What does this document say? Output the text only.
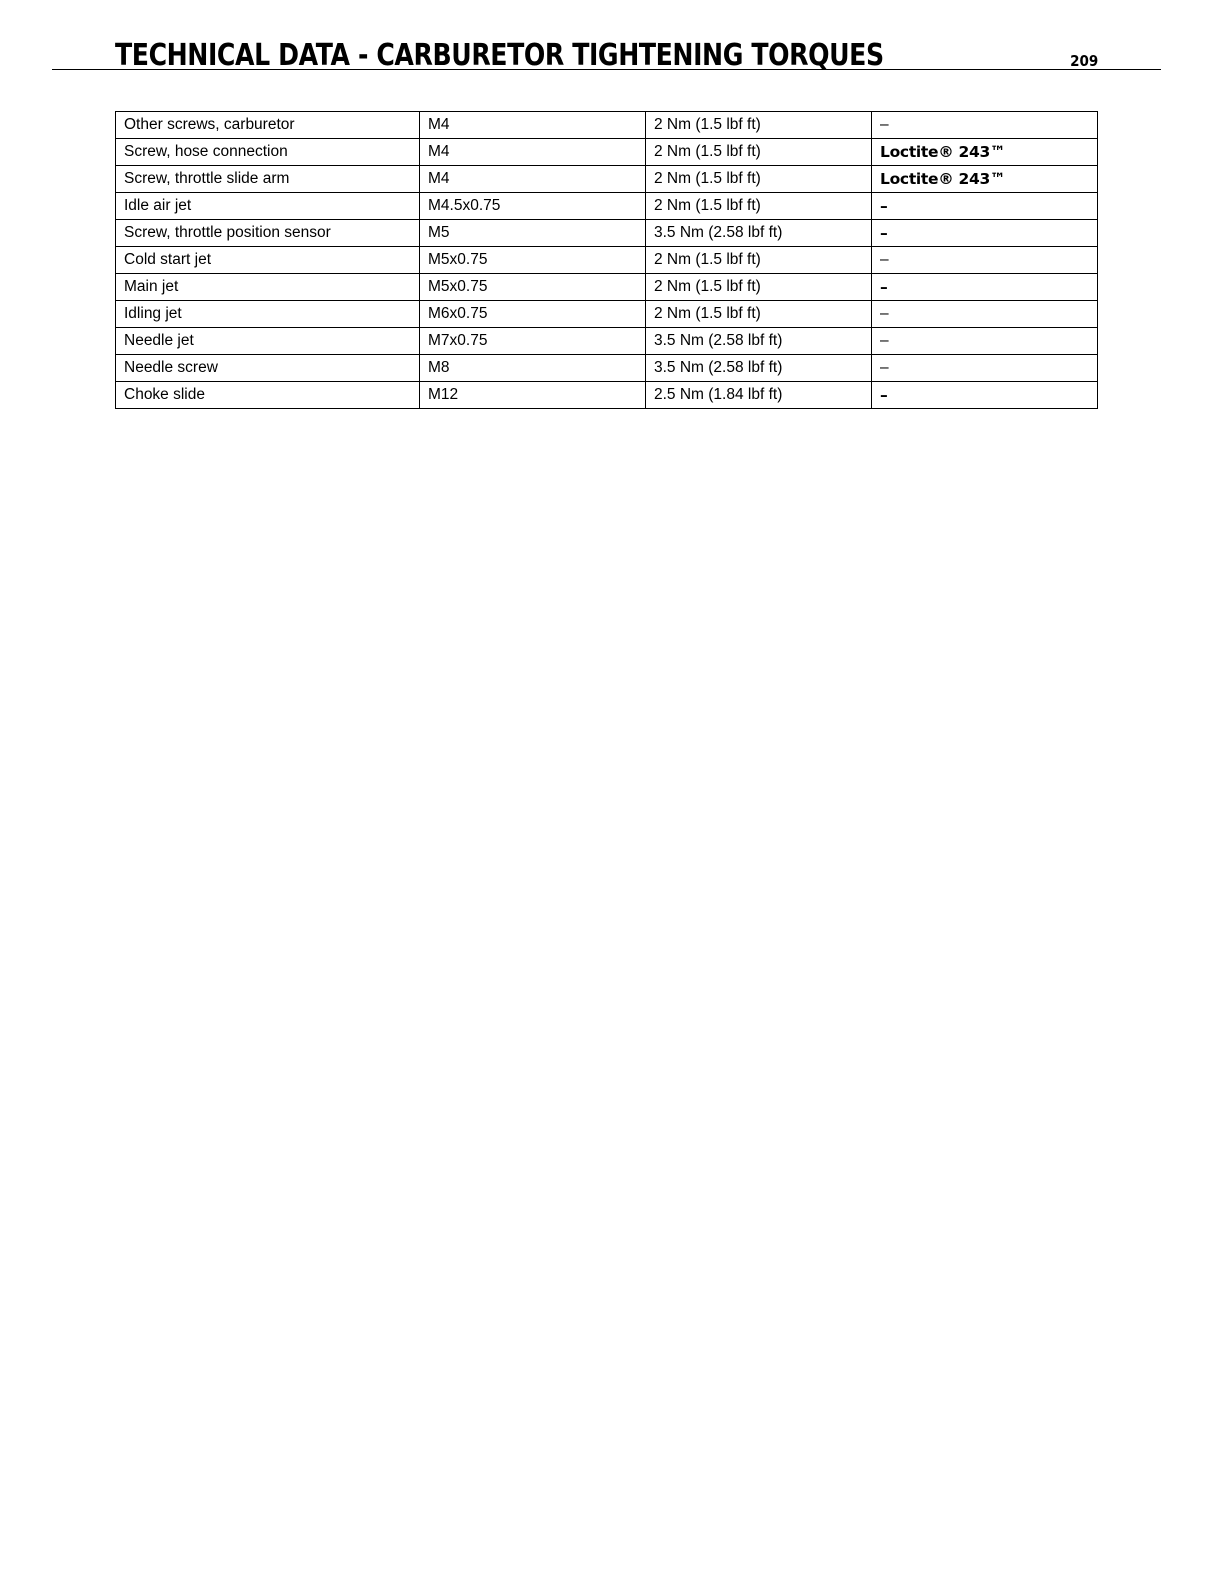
TECHNICAL DATA - CARBURETOR TIGHTENING TORQUES	209
Other screws, carburetor	M4	2 Nm (1.5 lbf ft)	–
Screw, hose connection	M4	2 Nm (1.5 lbf ft)	Loctite® 243™
Screw, throttle slide arm	M4	2 Nm (1.5 lbf ft)	Loctite® 243™
Idle air jet	M4.5x0.75	2 Nm (1.5 lbf ft)	–
Screw, throttle position sensor	M5	3.5 Nm (2.58 lbf ft)	–
Cold start jet	M5x0.75	2 Nm (1.5 lbf ft)	–
Main jet	M5x0.75	2 Nm (1.5 lbf ft)	–
Idling jet	M6x0.75	2 Nm (1.5 lbf ft)	–
Needle jet	M7x0.75	3.5 Nm (2.58 lbf ft)	–
Needle screw	M8	3.5 Nm (2.58 lbf ft)	–
Choke slide	M12	2.5 Nm (1.84 lbf ft)	–
